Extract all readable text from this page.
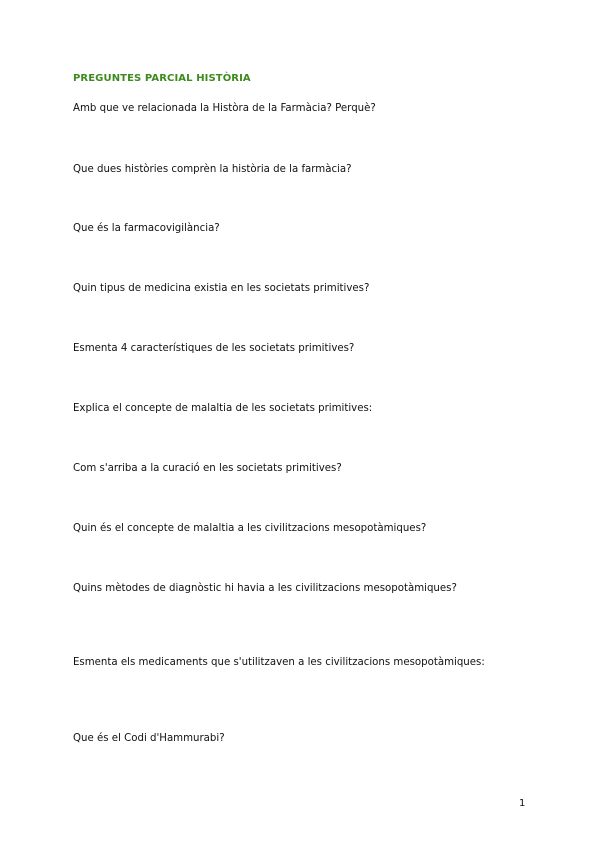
PREGUNTES PARCIAL HISTÒRIA
Amb que ve relacionada la Històra de la Farmàcia? Perquè?
Que dues històries comprèn la història de la farmàcia?
Que és la farmacovigilància?
Quin tipus de medicina existia en les societats primitives?
Esmenta 4 característiques de les societats primitives?
Explica el concepte de malaltia de les societats primitives:
Com s'arriba a la curació en les societats primitives?
Quin és el concepte de malaltia a les civilitzacions mesopotàmiques?
Quins mètodes de diagnòstic hi havia a les civilitzacions mesopotàmiques?
Esmenta els medicaments que s'utilitzaven a les civilitzacions mesopotàmiques:
Que és el Codi d'Hammurabi?
1
